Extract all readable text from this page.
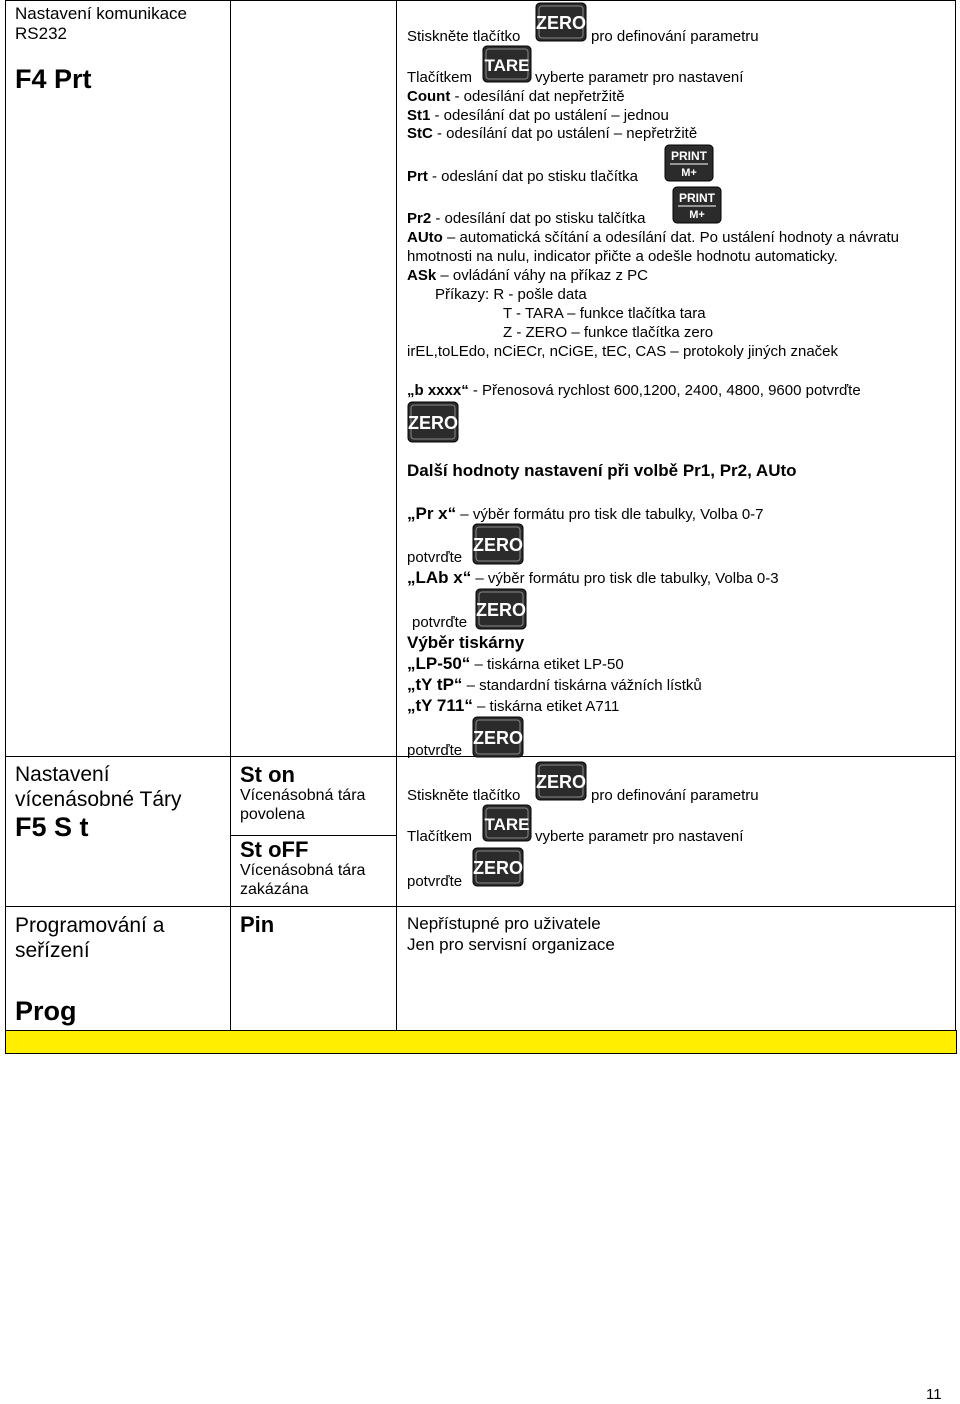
Nastavení komunikace
RS232
F4 Prt
Stiskněte tlačítko
ZERO
pro definování parametru
Tlačítkem
TARE
vyberte parametr pro nastavení
Count - odesílání dat nepřetržitě
St1 - odesílání dat po ustálení – jednou
StC - odesílání dat po ustálení – nepřetržitě
Prt - odeslání dat po stisku tlačítka
PRINT
M+
Pr2 - odesílání dat po stisku talčítka
PRINT
M+
AUto – automatická sčítání a odesílání dat. Po ustálení hodnoty a návratu
hmotnosti na nulu, indicator přičte a odešle hodnotu automaticky.
ASk – ovládání váhy na příkaz z PC
Příkazy: R - pošle data
T - TARA – funkce tlačítka tara
Z - ZERO – funkce tlačítka zero
irEL,toLEdo, nCiECr, nCiGE, tEC, CAS – protokoly jiných značek
„b xxxx“ - Přenosová rychlost 600,1200, 2400, 4800, 9600 potvrďte
ZERO
Další hodnoty nastavení při volbě Pr1, Pr2, AUto
„Pr x“ – výběr formátu pro tisk dle tabulky, Volba 0-7
potvrďte
ZERO
„LAb x“ – výběr formátu pro tisk dle tabulky, Volba 0-3
potvrďte
ZERO
Výběr tiskárny
„LP-50“ – tiskárna etiket LP-50
„tY tP“ – standardní tiskárna vážních lístků
„tY 711“ – tiskárna etiket A711
potvrďte
ZERO
Nastavení
vícenásobné Táry
F5 S t
St on
Vícenásobná tára
povolena
St oFF
Vícenásobná tára
zakázána
Stiskněte tlačítko
ZERO
pro definování parametru
Tlačítkem
TARE
vyberte parametr pro nastavení
potvrďte
ZERO
Programování a
seřízení
Prog
Pin	Nepřístupné pro uživatele
Jen pro servisní organizace
11
